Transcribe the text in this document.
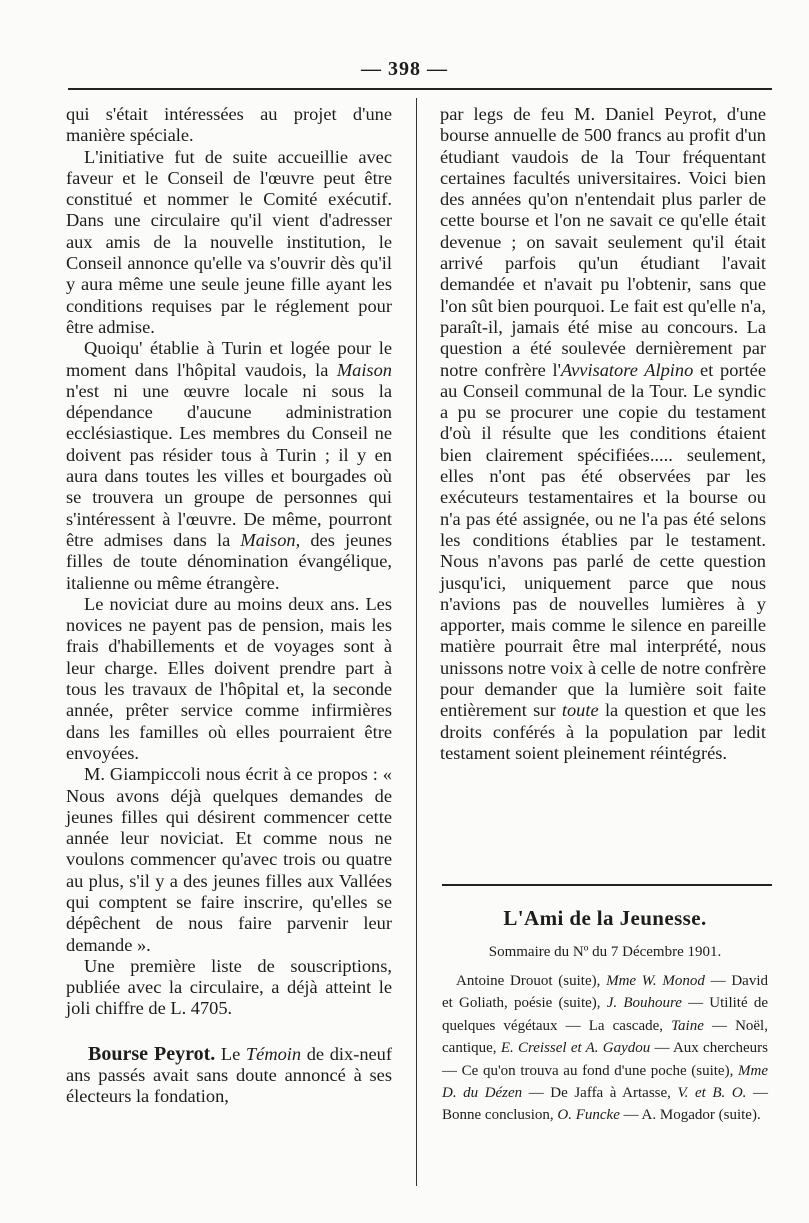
— 398 —

qui s'était intéressées au projet d'une manière spéciale.

L'initiative fut de suite accueillie avec faveur et le Conseil de l'œuvre peut être constitué et nommer le Comité exécutif. Dans une circulaire qu'il vient d'adresser aux amis de la nouvelle institution, le Conseil annonce qu'elle va s'ouvrir dès qu'il y aura même une seule jeune fille ayant les conditions requises par le réglement pour être admise.

Quoiqu' établie à Turin et logée pour le moment dans l'hôpital vaudois, la Maison n'est ni une œuvre locale ni sous la dépendance d'aucune administration ecclésiastique. Les membres du Conseil ne doivent pas résider tous à Turin ; il y en aura dans toutes les villes et bourgades où se trouvera un groupe de personnes qui s'intéressent à l'œuvre. De même, pourront être admises dans la Maison, des jeunes filles de toute dénomination évangélique, italienne ou même étrangère.

Le noviciat dure au moins deux ans. Les novices ne payent pas de pension, mais les frais d'habillements et de voyages sont à leur charge. Elles doivent prendre part à tous les travaux de l'hôpital et, la seconde année, prêter service comme infirmières dans les familles où elles pourraient être envoyées.

M. Giampiccoli nous écrit à ce propos : « Nous avons déjà quelques demandes de jeunes filles qui désirent commencer cette année leur noviciat. Et comme nous ne voulons commencer qu'avec trois ou quatre au plus, s'il y a des jeunes filles aux Vallées qui comptent se faire inscrire, qu'elles se dépêchent de nous faire parvenir leur demande ».

Une première liste de souscriptions, publiée avec la circulaire, a déjà atteint le joli chiffre de L. 4705.

Bourse Peyrot. Le Témoin de dix-neuf ans passés avait sans doute annoncé à ses électeurs la fondation,

par legs de feu M. Daniel Peyrot, d'une bourse annuelle de 500 francs au profit d'un étudiant vaudois de la Tour fréquentant certaines facultés universitaires. Voici bien des années qu'on n'entendait plus parler de cette bourse et l'on ne savait ce qu'elle était devenue ; on savait seulement qu'il était arrivé parfois qu'un étudiant l'avait demandée et n'avait pu l'obtenir, sans que l'on sût bien pourquoi. Le fait est qu'elle n'a, paraît-il, jamais été mise au concours. La question a été soulevée dernièrement par notre confrère l'Avvisatore Alpino et portée au Conseil communal de la Tour. Le syndic a pu se procurer une copie du testament d'où il résulte que les conditions étaient bien clairement spécifiées..... seulement, elles n'ont pas été observées par les exécuteurs testamentaires et la bourse ou n'a pas été assignée, ou ne l'a pas été selons les conditions établies par le testament. Nous n'avons pas parlé de cette question jusqu'ici, uniquement parce que nous n'avions pas de nouvelles lumières à y apporter, mais comme le silence en pareille matière pourrait être mal interprété, nous unissons notre voix à celle de notre confrère pour demander que la lumière soit faite entièrement sur toute la question et que les droits conférés à la population par ledit testament soient pleinement réintégrés.

L'Ami de la Jeunesse.
Sommaire du Nº du 7 Décembre 1901.
Antoine Drouot (suite), Mme W. Monod — David et Goliath, poésie (suite), J. Bouhoure — Utilité de quelques végétaux — La cascade, Taine — Noël, cantique, E. Creissel et A. Gaydou — Aux chercheurs — Ce qu'on trouva au fond d'une poche (suite), Mme D. du Dézen — De Jaffa à Artasse, V. et B. O. — Bonne conclusion, O. Funcke — A. Mogador (suite).
